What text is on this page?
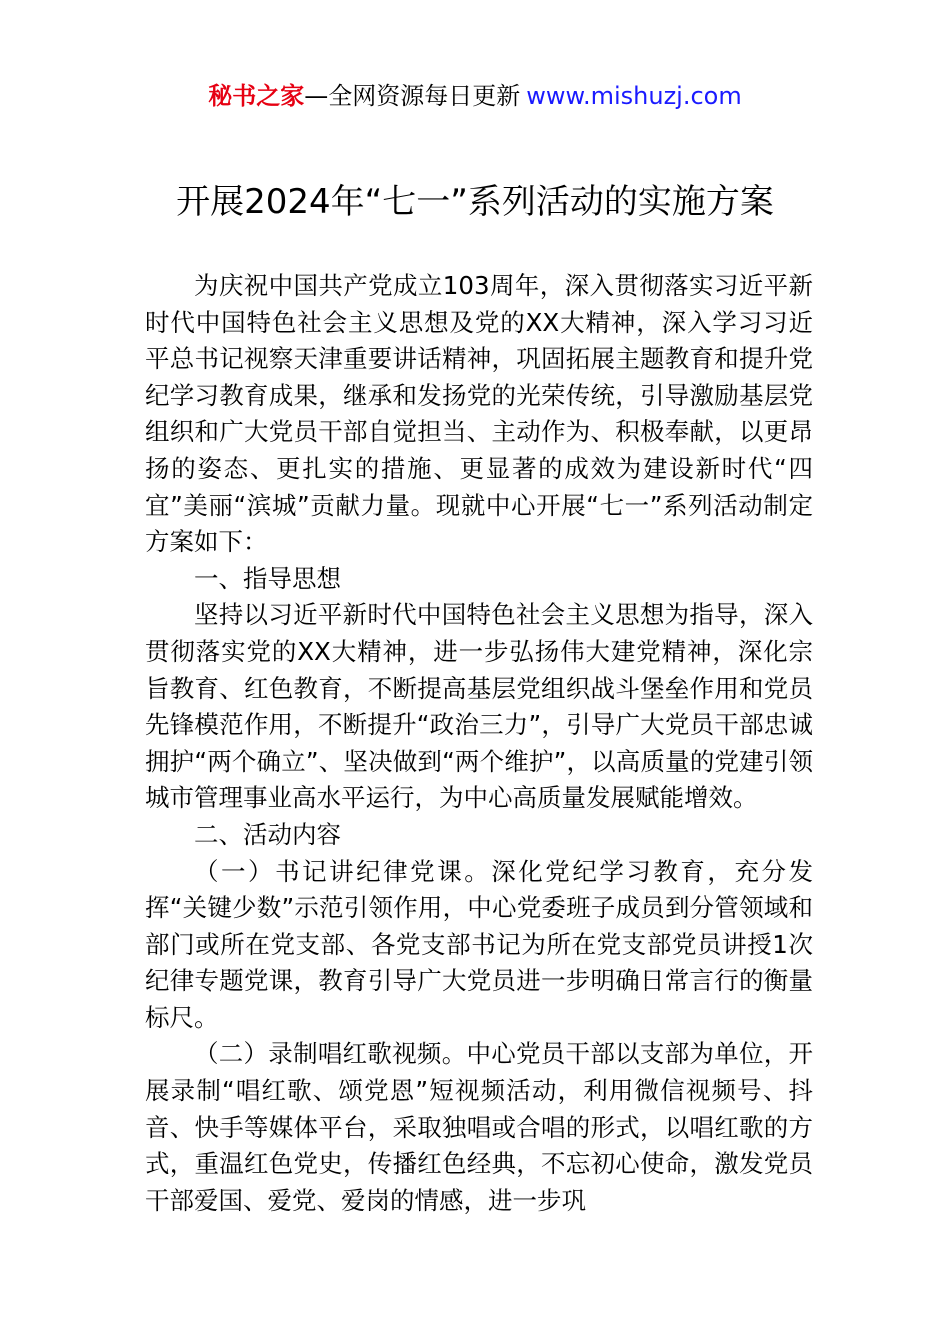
秘书之家—全网资源每日更新 www.mishuzj.com
开展2024年“七一”系列活动的实施方案

为庆祝中国共产党成立103周年，深入贯彻落实习近平新时代中国特色社会主义思想及党的XX大精神，深入学习习近平总书记视察天津重要讲话精神，巩固拓展主题教育和提升党纪学习教育成果，继承和发扬党的光荣传统，引导激励基层党组织和广大党员干部自觉担当、主动作为、积极奉献，以更昂扬的姿态、更扎实的措施、更显著的成效为建设新时代“四宜”美丽“滨城”贡献力量。现就中心开展“七一”系列活动制定方案如下：

一、指导思想

坚持以习近平新时代中国特色社会主义思想为指导，深入贯彻落实党的XX大精神，进一步弘扬伟大建党精神，深化宗旨教育、红色教育，不断提高基层党组织战斗堡垒作用和党员先锋模范作用，不断提升“政治三力”，引导广大党员干部忠诚拥护“两个确立”、坚决做到“两个维护”，以高质量的党建引领城市管理事业高水平运行，为中心高质量发展赋能增效。

二、活动内容

（一）书记讲纪律党课。深化党纪学习教育，充分发挥“关键少数”示范引领作用，中心党委班子成员到分管领域和部门或所在党支部、各党支部书记为所在党支部党员讲授1次纪律专题党课，教育引导广大党员进一步明确日常言行的衡量标尺。

（二）录制唱红歌视频。中心党员干部以支部为单位，开展录制“唱红歌、颂党恩”短视频活动，利用微信视频号、抖音、快手等媒体平台，采取独唱或合唱的形式，以唱红歌的方式，重温红色党史，传播红色经典，不忘初心使命，激发党员干部爱国、爱党、爱岗的情感，进一步巩
